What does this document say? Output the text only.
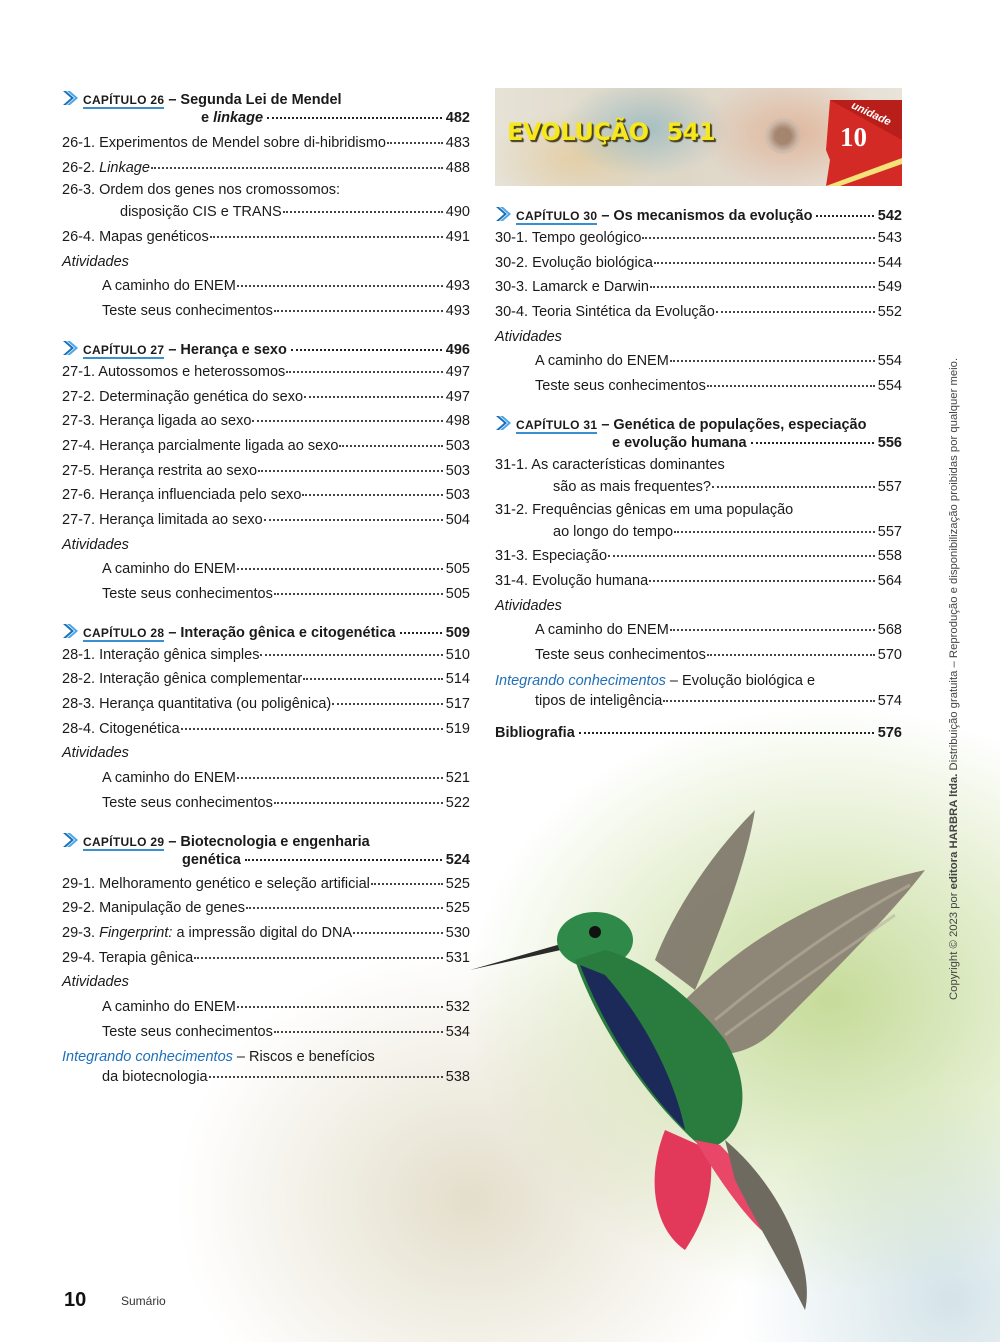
CAPÍTULO 26 – Segunda Lei de Mendel
e linkage	482
26-1. Experimentos de Mendel sobre di-hibridismo	483
26-2. Linkage	488
26-3. Ordem dos genes nos cromossomos:
disposição CIS e TRANS	490
26-4. Mapas genéticos	491
Atividades
A caminho do ENEM	493
Teste seus conhecimentos	493
CAPÍTULO 27 – Herança e sexo	496
27-1. Autossomos e heterossomos	497
27-2. Determinação genética do sexo	497
27-3. Herança ligada ao sexo	498
27-4. Herança parcialmente ligada ao sexo	503
27-5. Herança restrita ao sexo	503
27-6. Herança influenciada pelo sexo	503
27-7. Herança limitada ao sexo	504
Atividades
A caminho do ENEM	505
Teste seus conhecimentos	505
CAPÍTULO 28 – Interação gênica e citogenética	509
28-1. Interação gênica simples	510
28-2. Interação gênica complementar	514
28-3. Herança quantitativa (ou poligênica)	517
28-4. Citogenética	519
Atividades
A caminho do ENEM	521
Teste seus conhecimentos	522
CAPÍTULO 29 – Biotecnologia e engenharia
genética	524
29-1. Melhoramento genético e seleção artificial	525
29-2. Manipulação de genes	525
29-3. Fingerprint: a impressão digital do DNA	530
29-4. Terapia gênica	531
Atividades
A caminho do ENEM	532
Teste seus conhecimentos	534
Integrando conhecimentos – Riscos e benefícios
da biotecnologia	538
EVOLUÇÃO 541
unidade
10
CAPÍTULO 30 – Os mecanismos da evolução	542
30-1. Tempo geológico	543
30-2. Evolução biológica	544
30-3. Lamarck e Darwin	549
30-4. Teoria Sintética da Evolução	552
Atividades
A caminho do ENEM	554
Teste seus conhecimentos	554
CAPÍTULO 31 – Genética de populações, especiação
e evolução humana	556
31-1. As características dominantes
são as mais frequentes?	557
31-2. Frequências gênicas em uma população
ao longo do tempo	557
31-3. Especiação	558
31-4. Evolução humana	564
Atividades
A caminho do ENEM	568
Teste seus conhecimentos	570
Integrando conhecimentos – Evolução biológica e
tipos de inteligência	574
Bibliografia	576
Copyright © 2023 por editora HARBRA ltda. Distribuição gratuita – Reprodução e disponibilização proibidas por qualquer meio.
10	Sumário
